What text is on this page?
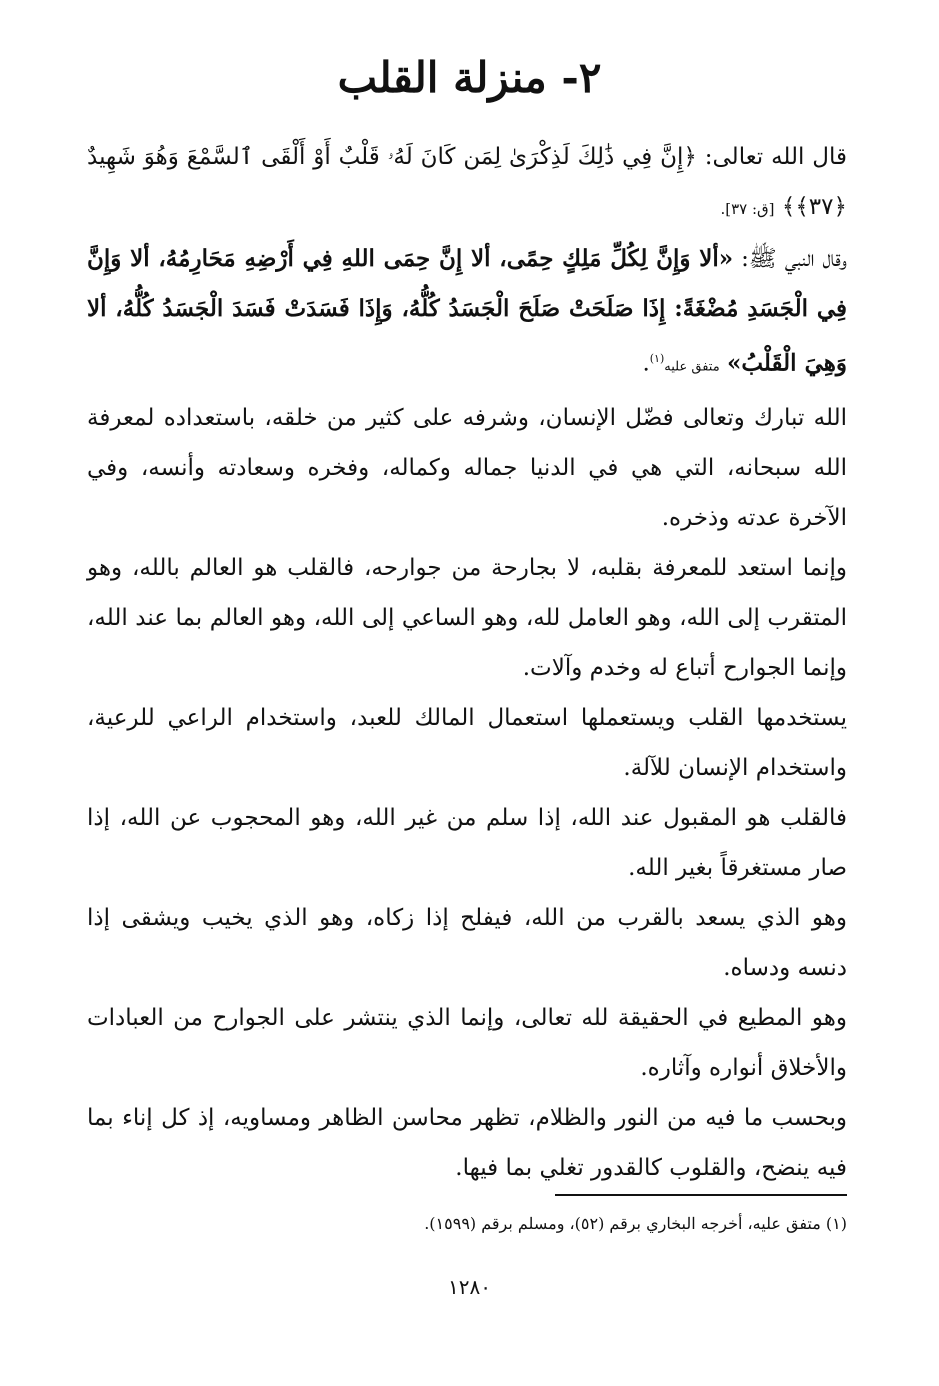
٢- منزلة القلب

قال الله تعالى: ﴿إِنَّ فِي ذَٰلِكَ لَذِكْرَىٰ لِمَن كَانَ لَهُۥ قَلْبٌ أَوْ أَلْقَى ٱلسَّمْعَ وَهُوَ شَهِيدٌ ﴿٣٧﴾﴾ [ق: ٣٧].

وقال النبي ﷺ: «ألا وَإِنَّ لِكُلِّ مَلِكٍ حِمًى، ألا إِنَّ حِمَى اللهِ فِي أَرْضِهِ مَحَارِمُهُ، ألا وَإِنَّ فِي الْجَسَدِ مُضْغَةً: إِذَا صَلَحَتْ صَلَحَ الْجَسَدُ كُلُّهُ، وَإِذَا فَسَدَتْ فَسَدَ الْجَسَدُ كُلُّهُ، ألا وَهِيَ الْقَلْبُ» متفق عليه$^{(١)}$.

الله تبارك وتعالى فضّل الإنسان، وشرفه على كثير من خلقه، باستعداده لمعرفة الله سبحانه، التي هي في الدنيا جماله وكماله، وفخره وسعادته وأنسه، وفي الآخرة عدته وذخره.

وإنما استعد للمعرفة بقلبه، لا بجارحة من جوارحه، فالقلب هو العالم بالله، وهو المتقرب إلى الله، وهو العامل لله، وهو الساعي إلى الله، وهو العالم بما عند الله، وإنما الجوارح أتباع له وخدم وآلات.

يستخدمها القلب ويستعملها استعمال المالك للعبد، واستخدام الراعي للرعية، واستخدام الإنسان للآلة.

فالقلب هو المقبول عند الله، إذا سلم من غير الله، وهو المحجوب عن الله، إذا صار مستغرقاً بغير الله.

وهو الذي يسعد بالقرب من الله، فيفلح إذا زكاه، وهو الذي يخيب ويشقى إذا دنسه ودساه.

وهو المطيع في الحقيقة لله تعالى، وإنما الذي ينتشر على الجوارح من العبادات والأخلاق أنواره وآثاره.

وبحسب ما فيه من النور والظلام، تظهر محاسن الظاهر ومساويه، إذ كل إناء بما فيه ينضح، والقلوب كالقدور تغلي بما فيها.

(١) متفق عليه، أخرجه البخاري برقم (٥٢)، ومسلم برقم (١٥٩٩).
١٢٨٠
